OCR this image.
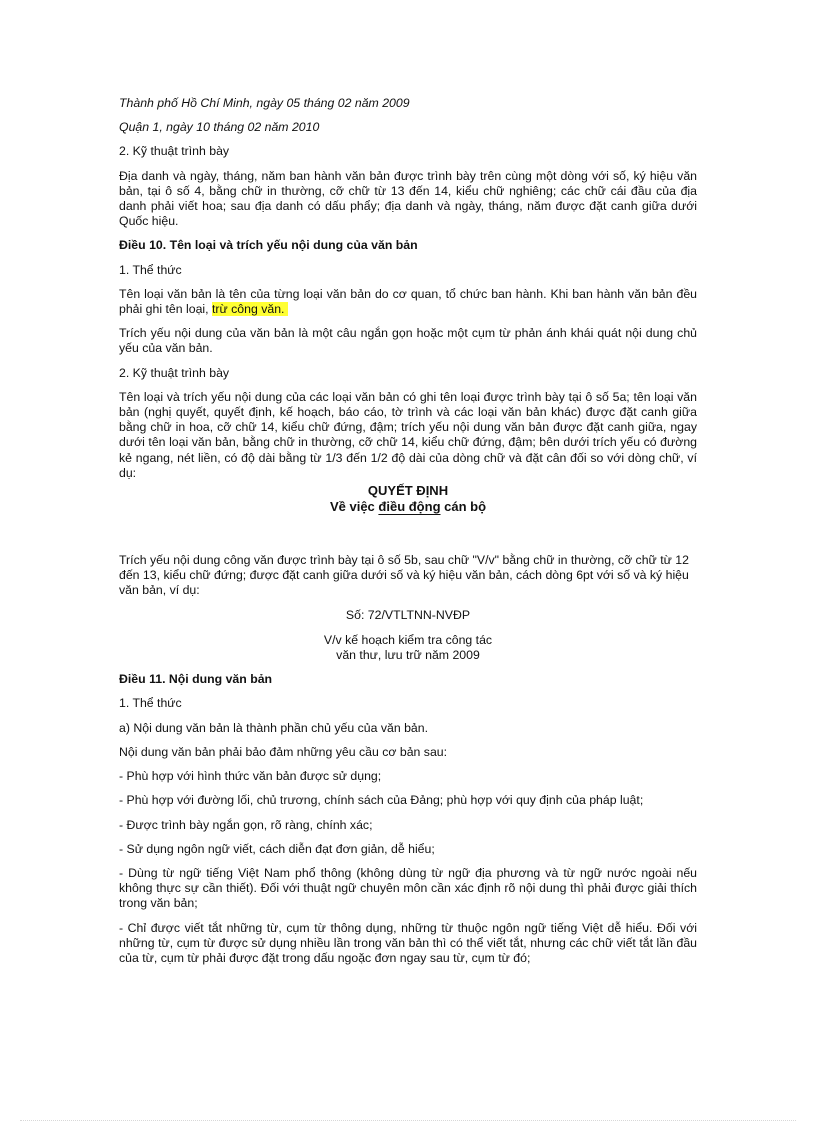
Thành phố Hồ Chí Minh, ngày 05 tháng 02 năm 2009

Quận 1, ngày 10 tháng 02 năm 2010

2. Kỹ thuật trình bày

Địa danh và ngày, tháng, năm ban hành văn bản được trình bày trên cùng một dòng với số, ký hiệu văn bản, tại ô số 4, bằng chữ in thường, cỡ chữ từ 13 đến 14, kiểu chữ nghiêng; các chữ cái đầu của địa danh phải viết hoa; sau địa danh có dấu phẩy; địa danh và ngày, tháng, năm được đặt canh giữa dưới Quốc hiệu.

Điều 10. Tên loại và trích yếu nội dung của văn bản

1. Thể thức

Tên loại văn bản là tên của từng loại văn bản do cơ quan, tổ chức ban hành. Khi ban hành văn bản đều phải ghi tên loại, trừ công văn.

Trích yếu nội dung của văn bản là một câu ngắn gọn hoặc một cụm từ phản ánh khái quát nội dung chủ yếu của văn bản.

2. Kỹ thuật trình bày

Tên loại và trích yếu nội dung của các loại văn bản có ghi tên loại được trình bày tại ô số 5a; tên loại văn bản (nghị quyết, quyết định, kế hoạch, báo cáo, tờ trình và các loại văn bản khác) được đặt canh giữa bằng chữ in hoa, cỡ chữ 14, kiểu chữ đứng, đậm; trích yếu nội dung văn bản được đặt canh giữa, ngay dưới tên loại văn bản, bằng chữ in thường, cỡ chữ 14, kiểu chữ đứng, đậm; bên dưới trích yếu có đường kẻ ngang, nét liền, có độ dài bằng từ 1/3 đến 1/2 độ dài của dòng chữ và đặt cân đối so với dòng chữ, ví dụ:

QUYẾT ĐỊNH
Về việc điều động cán bộ

Trích yếu nội dung công văn được trình bày tại ô số 5b, sau chữ "V/v" bằng chữ in thường, cỡ chữ từ 12 đến 13, kiểu chữ đứng; được đặt canh giữa dưới số và ký hiệu văn bản, cách dòng 6pt với số và ký hiệu văn bản, ví dụ:

Số: 72/VTLTNN-NVĐP

V/v kế hoạch kiểm tra công tác
văn thư, lưu trữ năm 2009

Điều 11. Nội dung văn bản

1. Thể thức

a) Nội dung văn bản là thành phần chủ yếu của văn bản.

Nội dung văn bản phải bảo đảm những yêu cầu cơ bản sau:

- Phù hợp với hình thức văn bản được sử dụng;

- Phù hợp với đường lối, chủ trương, chính sách của Đảng; phù hợp với quy định của pháp luật;

- Được trình bày ngắn gọn, rõ ràng, chính xác;

- Sử dụng ngôn ngữ viết, cách diễn đạt đơn giản, dễ hiểu;

- Dùng từ ngữ tiếng Việt Nam phổ thông (không dùng từ ngữ địa phương và từ ngữ nước ngoài nếu không thực sự cần thiết). Đối với thuật ngữ chuyên môn cần xác định rõ nội dung thì phải được giải thích trong văn bản;

- Chỉ được viết tắt những từ, cụm từ thông dụng, những từ thuộc ngôn ngữ tiếng Việt dễ hiểu. Đối với những từ, cụm từ được sử dụng nhiều lần trong văn bản thì có thể viết tắt, nhưng các chữ viết tắt lần đầu của từ, cụm từ phải được đặt trong dấu ngoặc đơn ngay sau từ, cụm từ đó;
